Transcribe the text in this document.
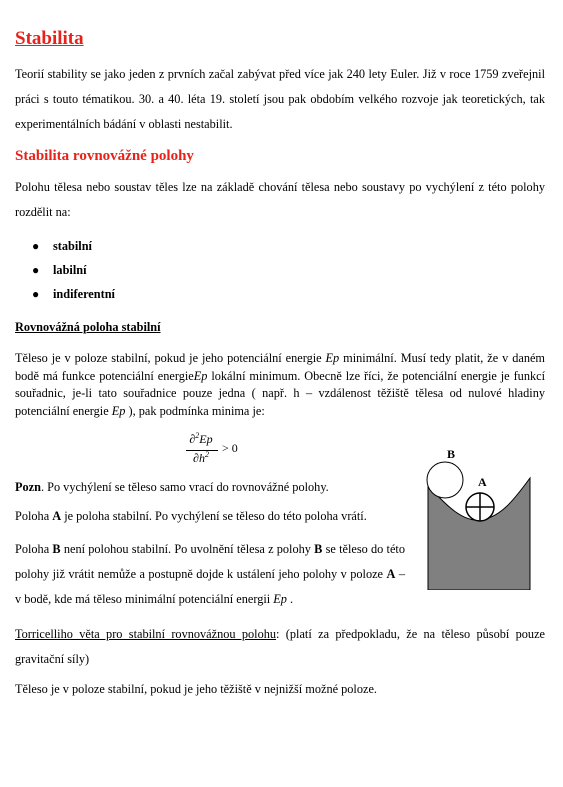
Stabilita
Teorií stability se jako jeden z prvních začal zabývat před více jak 240 lety Euler. Již v roce 1759 zveřejnil práci s touto tématikou. 30. a 40. léta 19. století jsou pak obdobím velkého rozvoje jak teoretických, tak experimentálních bádání v oblasti nestabilit.
Stabilita rovnovážné polohy
Polohu tělesa nebo soustav těles lze na základě chování tělesa nebo soustavy po vychýlení z této polohy rozdělit na:
● stabilní
● labilní
● indiferentní
Rovnovážná poloha stabilní
Těleso je v poloze stabilní, pokud je jeho potenciální energie Ep minimální. Musí tedy platit, že v daném bodě má funkce potenciální energieEp lokální minimum. Obecně lze říci, že potenciální energie je funkcí souřadnic, je-li tato souřadnice pouze jedna ( např. h – vzdálenost těžiště tělesa od nulové hladiny potenciální energie Ep ), pak podmínka minima je:
∂$^2$Ep
$\partial h^2$	> 0
Pozn. Po vychýlení se těleso samo vrací do rovnovážné polohy.
Poloha A je poloha stabilní. Po vychýlení se těleso do této poloha vrátí.
Poloha B není polohou stabilní. Po uvolnění tělesa z polohy B se těleso do této polohy již vrátit nemůže a postupně dojde k ustálení jeho polohy v poloze A – v bodě, kde má těleso minimální potenciální energii Ep .
Torricelliho věta pro stabilní rovnovážnou polohu: (platí za předpokladu, že na těleso působí pouze gravitační síly)
Těleso je v poloze stabilní, pokud je jeho těžiště v nejnižší možné poloze.
B
A
